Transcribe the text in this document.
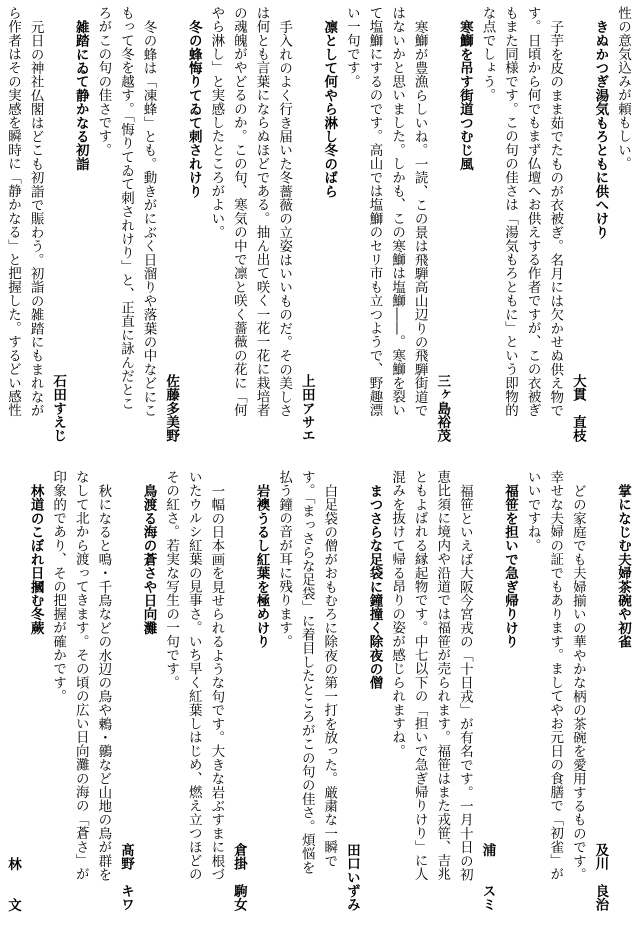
性の意気込みが頼もしい。
きぬかつぎ湯気もろともに供へけり
大貫　直枝
子芋を皮のまま茹でたものが衣被ぎ。名月には欠かせぬ供え物で
す。日頃から何でもまず仏壇へお供えする作者ですが、この衣被ぎ
もまた同様です。この句の佳さは「湯気もろともに」という即物的
な点でしょう。
寒鰤を吊す街道つむじ風
三ヶ島裕茂
寒鰤が豊漁らしいね。一読、この景は飛騨高山辺りの飛騨街道で
はないかと思いました。しかも、この寒鰤は塩鰤――。寒鰤を裂い
て塩鰤にするのです。高山では塩鰤のセリ市も立つようで、野趣漂
い一句です。
凛として何やら淋し冬のばら
上田アサエ
手入れのよく行き届いた冬薔薇の立姿はいいものだ。その美しさ
は何とも言葉にならぬほどである。抽ん出て咲く一花一花に栽培者
の魂魄がやどるのか。この句、寒気の中で凛と咲く薔薇の花に「何
やら淋し」と実感したところがよい。
冬の蜂悔りてゐて刺されけり
佐藤多美野
冬の蜂は「凍蜂」とも。動きがにぶく日溜りや落葉の中などにこ
もって冬を越す。「悔りてゐて刺されけり」と、正直に詠んだとこ
ろがこの句の佳さです。
雑踏にゐて静かなる初詣
石田すえじ
元日の神社仏閣はどこも初詣で賑わう。初詣の雑踏にもまれなが
ら作者はその実感を瞬時に「静かなる」と把握した。するどい感性
掌になじむ夫婦茶碗や初雀
及川　良治
どの家庭でも夫婦揃いの華やかな柄の茶碗を愛用するものです。
幸せな夫婦の証でもあります。ましてやお元日の食膳で「初雀」が
いいですね。
福笹を担いで急ぎ帰りけり
浦　　スミ
福笹といえば大阪今宮戎の「十日戎」が有名です。一月十日の初
恵比須に境内や沿道では福笹が売られます。福笹はまた戎笹、吉兆
ともよばれる縁起物です。中七以下の「担いで急ぎ帰りけり」に人
混みを抜けて帰る昂りの姿が感じられますね。
まつさらな足袋に鐘撞く除夜の僧
田口いずみ
白足袋の僧がおもむろに除夜の第一打を放った。厳粛な一瞬で
す。「まっさらな足袋」に着目したところがこの句の佳さ。煩悩を
払う鐘の音が耳に残ります。
岩襖うるし紅葉を極めけり
倉掛　駒女
一幅の日本画を見せられるような句です。大きな岩ぶすまに根づ
いたウルシ紅葉の見事さ。いち早く紅葉しはじめ、燃え立つほどの
その紅さ。若実な写生の一句です。
鳥渡る海の蒼さや日向灘
髙野　キワ
秋になると鳴・千鳥などの水辺の鳥や鶫・鶸など山地の鳥が群を
なして北から渡ってきます。その頃の広い日向灘の海の「蒼さ」が
印象的であり、その把握が確かです。
林道のこぼれ日摑む冬蕨
林　　文
